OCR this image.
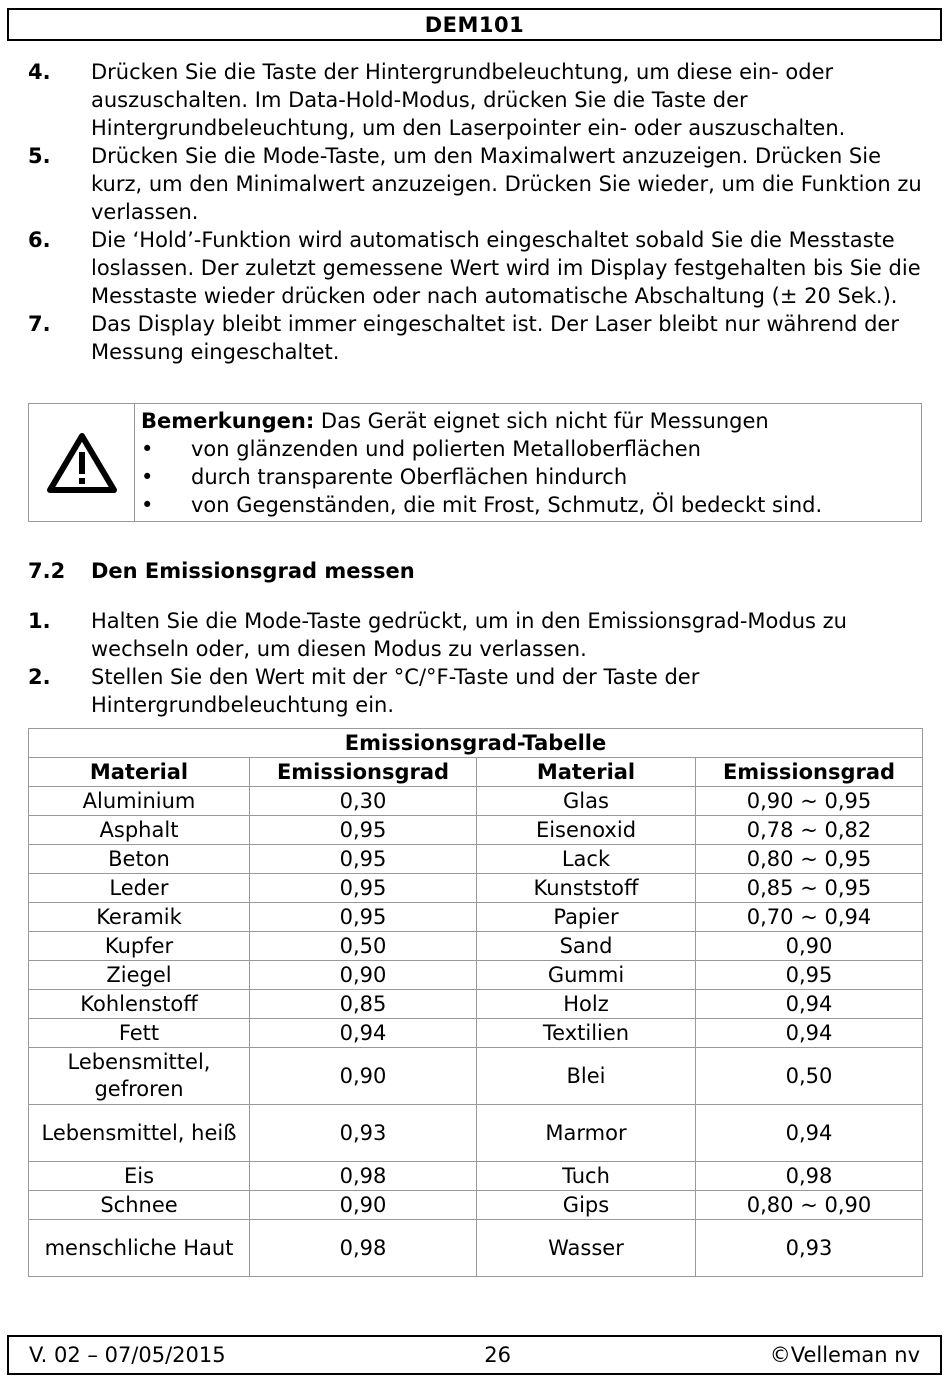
DEM101
4.	Drücken Sie die Taste der Hintergrundbeleuchtung, um diese ein- oder auszuschalten. Im Data-Hold-Modus, drücken Sie die Taste der Hintergrundbeleuchtung, um den Laserpointer ein- oder auszuschalten.
5.	Drücken Sie die Mode-Taste, um den Maximalwert anzuzeigen. Drücken Sie kurz, um den Minimalwert anzuzeigen. Drücken Sie wieder, um die Funktion zu verlassen.
6.	Die ‘Hold’-Funktion wird automatisch eingeschaltet sobald Sie die Messtaste loslassen. Der zuletzt gemessene Wert wird im Display festgehalten bis Sie die Messtaste wieder drücken oder nach automatische Abschaltung (± 20 Sek.).
7.	Das Display bleibt immer eingeschaltet ist. Der Laser bleibt nur während der Messung eingeschaltet.
Bemerkungen: Das Gerät eignet sich nicht für Messungen
•	von glänzenden und polierten Metalloberflächen
•	durch transparente Oberflächen hindurch
•	von Gegenständen, die mit Frost, Schmutz, Öl bedeckt sind.
7.2	Den Emissionsgrad messen
1.	Halten Sie die Mode-Taste gedrückt, um in den Emissionsgrad-Modus zu wechseln oder, um diesen Modus zu verlassen.
2.	Stellen Sie den Wert mit der °C/°F-Taste und der Taste der Hintergrundbeleuchtung ein.
Emissionsgrad-Tabelle			
Material	Emissionsgrad	Material	Emissionsgrad
Aluminium	0,30	Glas	0,90 ~ 0,95
Asphalt	0,95	Eisenoxid	0,78 ~ 0,82
Beton	0,95	Lack	0,80 ~ 0,95
Leder	0,95	Kunststoff	0,85 ~ 0,95
Keramik	0,95	Papier	0,70 ~ 0,94
Kupfer	0,50	Sand	0,90
Ziegel	0,90	Gummi	0,95
Kohlenstoff	0,85	Holz	0,94
Fett	0,94	Textilien	0,94
Lebensmittel, gefroren	0,90	Blei	0,50
Lebensmittel, heiß	0,93	Marmor	0,94
Eis	0,98	Tuch	0,98
Schnee	0,90	Gips	0,80 ~ 0,90
menschliche Haut	0,98	Wasser	0,93
V. 02 – 07/05/2015	26	©Velleman nv
